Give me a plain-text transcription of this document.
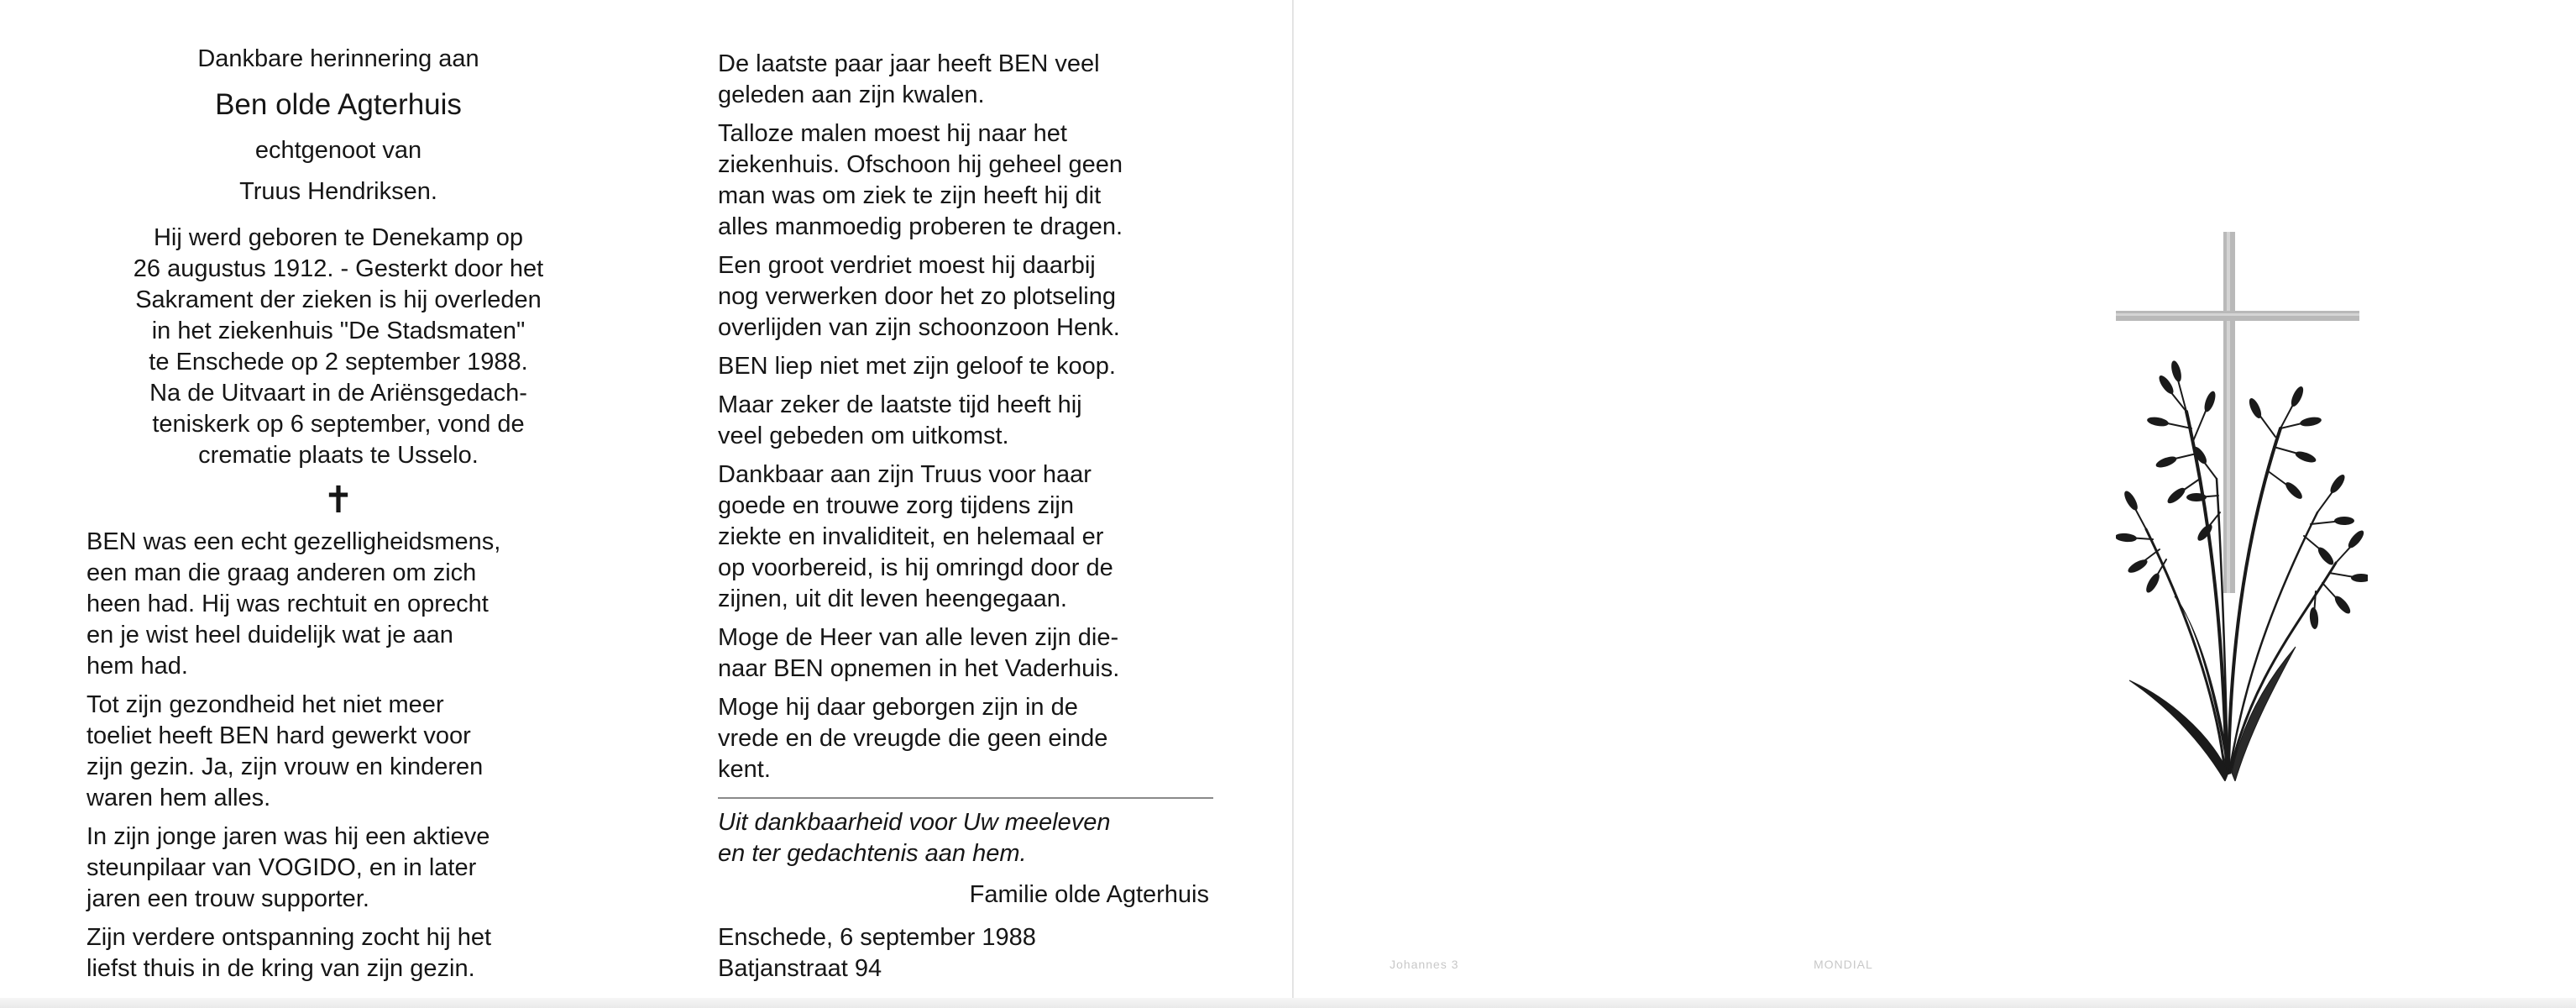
Dankbare herinnering aan
Ben olde Agterhuis
echtgenoot van
Truus Hendriksen.
Hij werd geboren te Denekamp op
26 augustus 1912. - Gesterkt door het
Sakrament der zieken is hij overleden
in het ziekenhuis "De Stadsmaten"
te Enschede op 2 september 1988.
Na de Uitvaart in de Ariënsgedach-
teniskerk op 6 september, vond de
crematie plaats te Usselo.
✝
BEN was een echt gezelligheidsmens,
een man die graag anderen om zich
heen had. Hij was rechtuit en oprecht
en je wist heel duidelijk wat je aan
hem had.
Tot zijn gezondheid het niet meer
toeliet heeft BEN hard gewerkt voor
zijn gezin. Ja, zijn vrouw en kinderen
waren hem alles.
In zijn jonge jaren was hij een aktieve
steunpilaar van VOGIDO, en in later
jaren een trouw supporter.
Zijn verdere ontspanning zocht hij het
liefst thuis in de kring van zijn gezin.
De laatste paar jaar heeft BEN veel
geleden aan zijn kwalen.
Talloze malen moest hij naar het
ziekenhuis. Ofschoon hij geheel geen
man was om ziek te zijn heeft hij dit
alles manmoedig proberen te dragen.
Een groot verdriet moest hij daarbij
nog verwerken door het zo plotseling
overlijden van zijn schoonzoon Henk.
BEN liep niet met zijn geloof te koop.
Maar zeker de laatste tijd heeft hij
veel gebeden om uitkomst.
Dankbaar aan zijn Truus voor haar
goede en trouwe zorg tijdens zijn
ziekte en invaliditeit, en helemaal er
op voorbereid, is hij omringd door de
zijnen, uit dit leven heengegaan.
Moge de Heer van alle leven zijn die-
naar BEN opnemen in het Vaderhuis.
Moge hij daar geborgen zijn in de
vrede en de vreugde die geen einde
kent.
Uit dankbaarheid voor Uw meeleven
en ter gedachtenis aan hem.
Familie olde Agterhuis
Enschede, 6 september 1988
Batjanstraat 94	Johannes 3	MONDIAL
